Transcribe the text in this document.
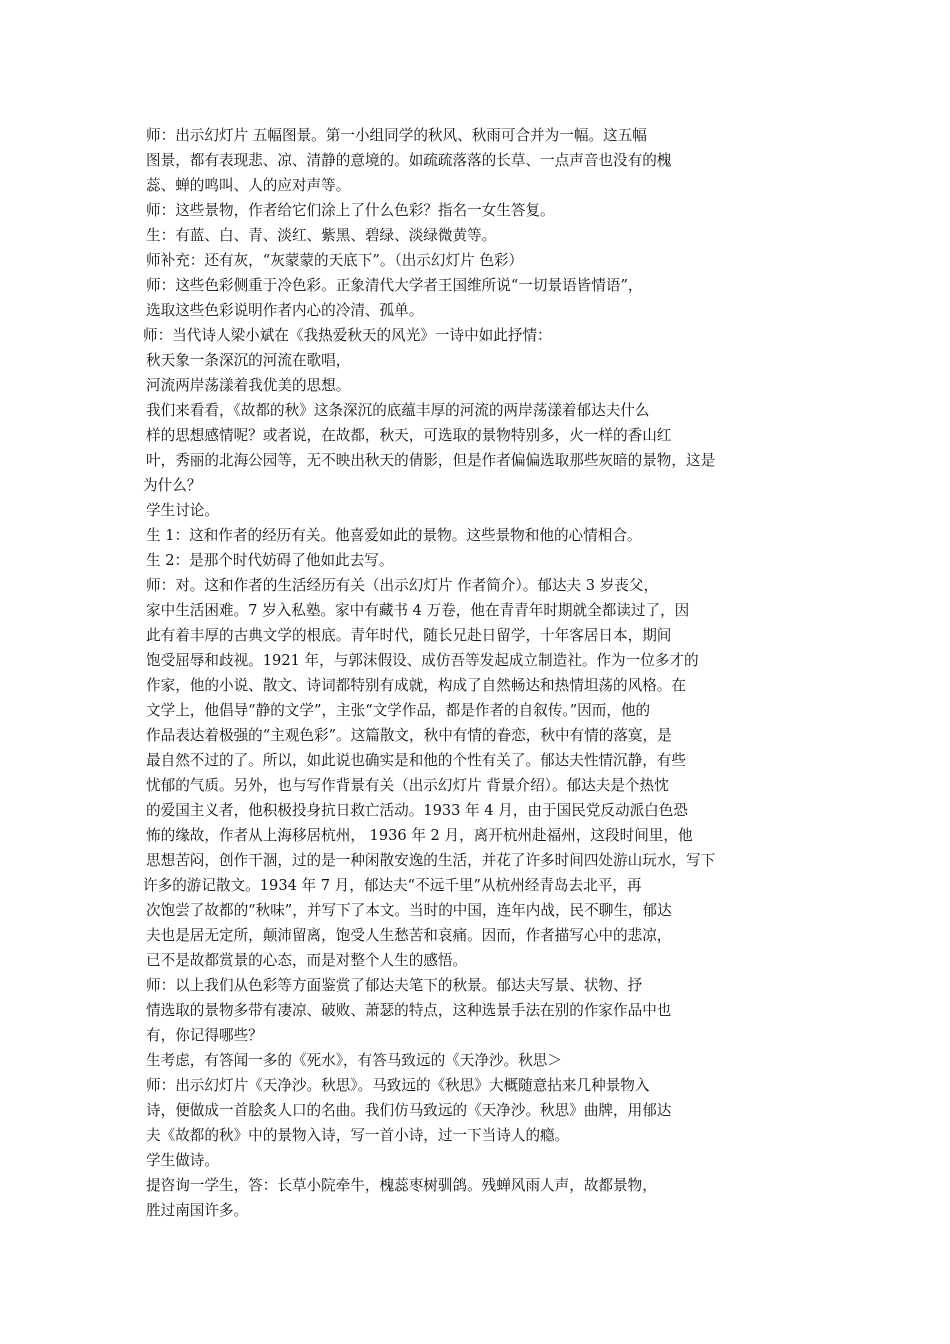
师：出示幻灯片 五幅图景。第一小组同学的秋风、秋雨可合并为一幅。这五幅
图景，都有表现悲、凉、清静的意境的。如疏疏落落的长草、一点声音也没有的槐
蕊、蝉的鸣叫、人的应对声等。
师：这些景物，作者给它们涂上了什么色彩？指名一女生答复。
生：有蓝、白、青、淡红、紫黑、碧绿、淡绿微黄等。
师补充：还有灰，“灰蒙蒙的天底下”。（出示幻灯片 色彩）
师：这些色彩侧重于冷色彩。正象清代大学者王国维所说“一切景语皆情语”，
选取这些色彩说明作者内心的冷清、孤单。
师：当代诗人梁小斌在《我热爱秋天的风光》一诗中如此抒情：
秋天象一条深沉的河流在歌唱，
河流两岸荡漾着我优美的思想。
我们来看看，《故都的秋》这条深沉的底蕴丰厚的河流的两岸荡漾着郁达夫什么
样的思想感情呢？或者说，在故都，秋天，可选取的景物特别多，火一样的香山红
叶，秀丽的北海公园等，无不映出秋天的倩影，但是作者偏偏选取那些灰暗的景物，这是
为什么？
学生讨论。
生 1：这和作者的经历有关。他喜爱如此的景物。这些景物和他的心情相合。
生 2：是那个时代妨碍了他如此去写。
师：对。这和作者的生活经历有关（出示幻灯片 作者简介）。郁达夫 3 岁丧父，
家中生活困难。7 岁入私塾。家中有藏书 4 万卷，他在青青年时期就全都读过了，因
此有着丰厚的古典文学的根底。青年时代，随长兄赴日留学，十年客居日本，期间
饱受屈辱和歧视。1921 年，与郭沫假设、成仿吾等发起成立制造社。作为一位多才的
作家，他的小说、散文、诗词都特别有成就，构成了自然畅达和热情坦荡的风格。在
文学上，他倡导“静的文学”，主张“文学作品，都是作者的自叙传。”因而，他的
作品表达着极强的“主观色彩”。这篇散文，秋中有情的眷恋，秋中有情的落寞，是
最自然不过的了。所以，如此说也确实是和他的个性有关了。郁达夫性情沉静，有些
忧郁的气质。另外，也与写作背景有关（出示幻灯片 背景介绍）。郁达夫是个热忱
的爱国主义者，他积极投身抗日救亡活动。1933 年 4 月，由于国民党反动派白色恐
怖的缘故，作者从上海移居杭州， 1936 年 2 月，离开杭州赴福州，这段时间里，他
思想苦闷，创作干涸，过的是一种闲散安逸的生活，并花了许多时间四处游山玩水，写下
许多的游记散文。1934 年 7 月，郁达夫“不远千里”从杭州经青岛去北平，再
次饱尝了故都的“秋味”，并写下了本文。当时的中国，连年内战，民不聊生，郁达
夫也是居无定所，颠沛留离，饱受人生愁苦和哀痛。因而，作者描写心中的悲凉，
已不是故都赏景的心态，而是对整个人生的感悟。
师：以上我们从色彩等方面鉴赏了郁达夫笔下的秋景。郁达夫写景、状物、抒
情选取的景物多带有凄凉、破败、萧瑟的特点，这种选景手法在别的作家作品中也
有，你记得哪些？
生考虑，有答闻一多的《死水》，有答马致远的《天净沙。秋思＞
师：出示幻灯片《天净沙。秋思》。马致远的《秋思》大概随意拈来几种景物入
诗，便做成一首脍炙人口的名曲。我们仿马致远的《天净沙。秋思》曲牌，用郁达
夫《故都的秋》中的景物入诗，写一首小诗，过一下当诗人的瘾。
学生做诗。
提咨询一学生，答：长草小院牵牛，槐蕊枣树驯鸽。残蝉风雨人声，故都景物，
胜过南国许多。
